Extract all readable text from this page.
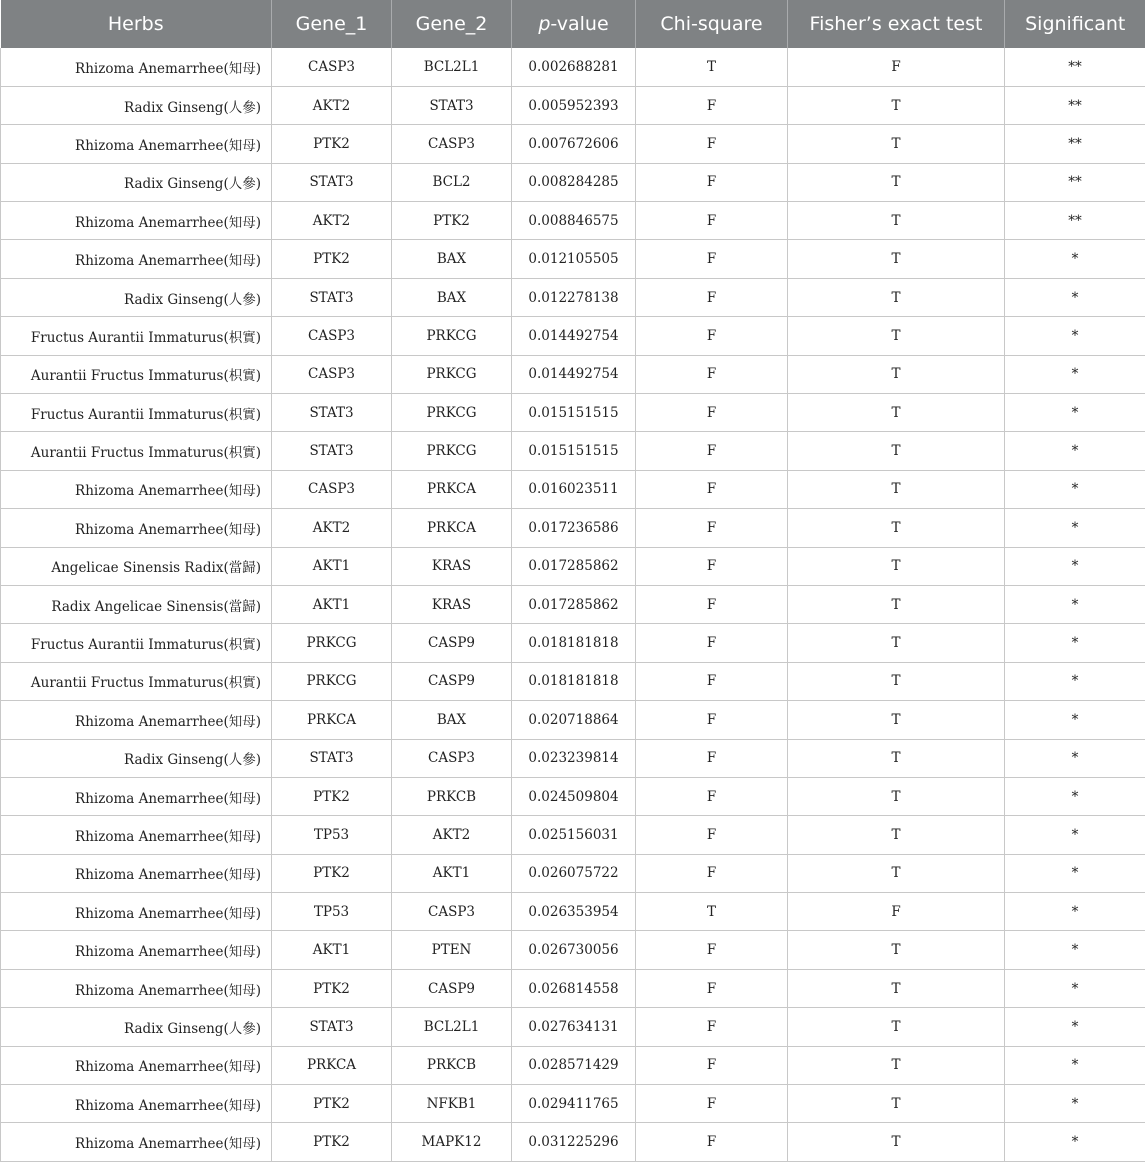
Herbs	Gene_1	Gene_2	p-value	Chi-square	Fisher’s exact test	Significant
Rhizoma Anemarrhee(知母)	CASP3	BCL2L1	0.002688281	T	F	**
Radix Ginseng(人參)	AKT2	STAT3	0.005952393	F	T	**
Rhizoma Anemarrhee(知母)	PTK2	CASP3	0.007672606	F	T	**
Radix Ginseng(人參)	STAT3	BCL2	0.008284285	F	T	**
Rhizoma Anemarrhee(知母)	AKT2	PTK2	0.008846575	F	T	**
Rhizoma Anemarrhee(知母)	PTK2	BAX	0.012105505	F	T	*
Radix Ginseng(人參)	STAT3	BAX	0.012278138	F	T	*
Fructus Aurantii Immaturus(枳實)	CASP3	PRKCG	0.014492754	F	T	*
Aurantii Fructus Immaturus(枳實)	CASP3	PRKCG	0.014492754	F	T	*
Fructus Aurantii Immaturus(枳實)	STAT3	PRKCG	0.015151515	F	T	*
Aurantii Fructus Immaturus(枳實)	STAT3	PRKCG	0.015151515	F	T	*
Rhizoma Anemarrhee(知母)	CASP3	PRKCA	0.016023511	F	T	*
Rhizoma Anemarrhee(知母)	AKT2	PRKCA	0.017236586	F	T	*
Angelicae Sinensis Radix(當歸)	AKT1	KRAS	0.017285862	F	T	*
Radix Angelicae Sinensis(當歸)	AKT1	KRAS	0.017285862	F	T	*
Fructus Aurantii Immaturus(枳實)	PRKCG	CASP9	0.018181818	F	T	*
Aurantii Fructus Immaturus(枳實)	PRKCG	CASP9	0.018181818	F	T	*
Rhizoma Anemarrhee(知母)	PRKCA	BAX	0.020718864	F	T	*
Radix Ginseng(人參)	STAT3	CASP3	0.023239814	F	T	*
Rhizoma Anemarrhee(知母)	PTK2	PRKCB	0.024509804	F	T	*
Rhizoma Anemarrhee(知母)	TP53	AKT2	0.025156031	F	T	*
Rhizoma Anemarrhee(知母)	PTK2	AKT1	0.026075722	F	T	*
Rhizoma Anemarrhee(知母)	TP53	CASP3	0.026353954	T	F	*
Rhizoma Anemarrhee(知母)	AKT1	PTEN	0.026730056	F	T	*
Rhizoma Anemarrhee(知母)	PTK2	CASP9	0.026814558	F	T	*
Radix Ginseng(人參)	STAT3	BCL2L1	0.027634131	F	T	*
Rhizoma Anemarrhee(知母)	PRKCA	PRKCB	0.028571429	F	T	*
Rhizoma Anemarrhee(知母)	PTK2	NFKB1	0.029411765	F	T	*
Rhizoma Anemarrhee(知母)	PTK2	MAPK12	0.031225296	F	T	*
